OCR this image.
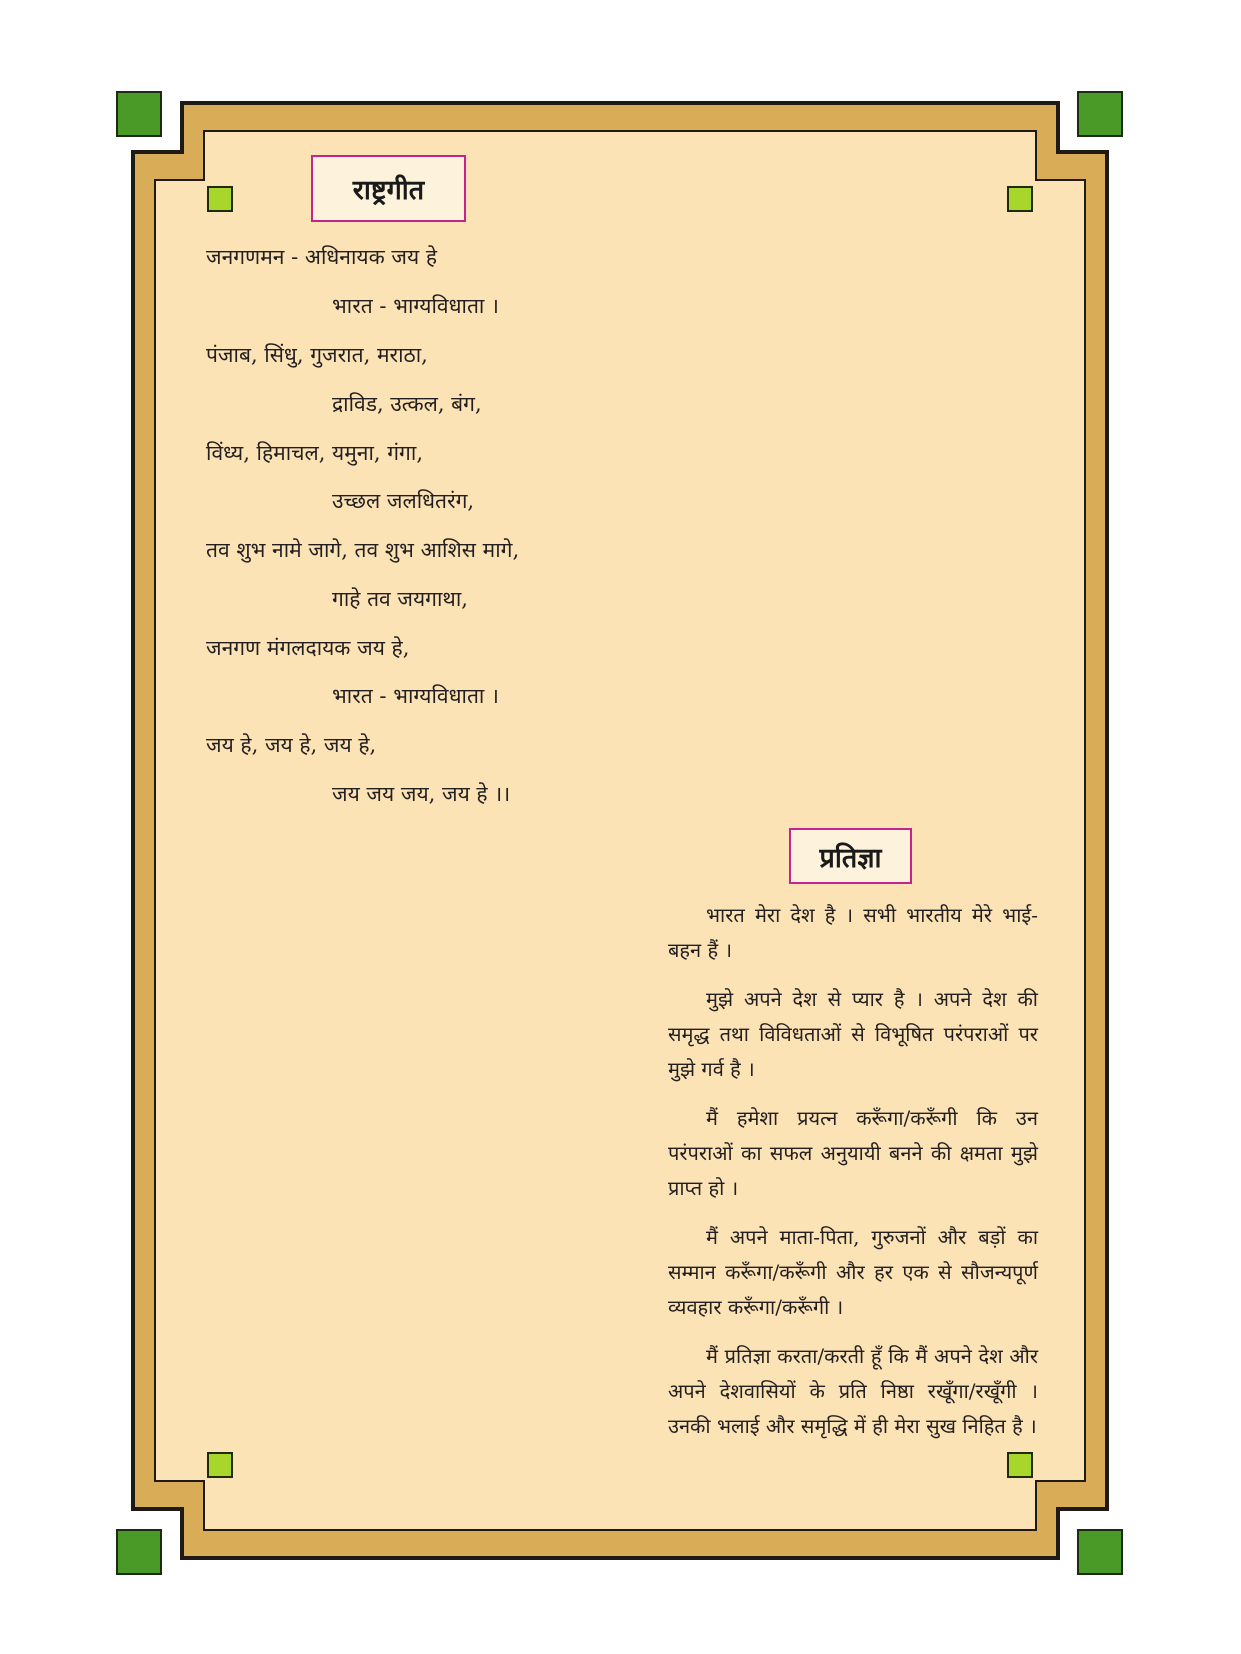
राष्ट्रगीत
जनगणमन - अधिनायक जय हे
भारत - भाग्यविधाता ।
पंजाब, सिंधु, गुजरात, मराठा,
द्राविड, उत्कल, बंग,
विंध्य, हिमाचल, यमुना, गंगा,
उच्छल जलधितरंग,
तव शुभ नामे जागे, तव शुभ आशिस मागे,
गाहे तव जयगाथा,
जनगण मंगलदायक जय हे,
भारत - भाग्यविधाता ।
जय हे, जय हे, जय हे,
जय जय जय, जय हे ।।
प्रतिज्ञा

भारत मेरा देश है । सभी भारतीय मेरे भाई-बहन हैं ।

मुझे अपने देश से प्यार है । अपने देश की समृद्ध तथा विविधताओं से विभूषित परंपराओं पर मुझे गर्व है ।

मैं हमेशा प्रयत्न करूँगा/करूँगी कि उन परंपराओं का सफल अनुयायी बनने की क्षमता मुझे प्राप्त हो ।

मैं अपने माता-पिता, गुरुजनों और बड़ों का सम्मान करूँगा/करूँगी और हर एक से सौजन्यपूर्ण व्यवहार करूँगा/करूँगी ।

मैं प्रतिज्ञा करता/करती हूँ कि मैं अपने देश और अपने देशवासियों के प्रति निष्ठा रखूँगा/रखूँगी । उनकी भलाई और समृद्धि में ही मेरा सुख निहित है ।
